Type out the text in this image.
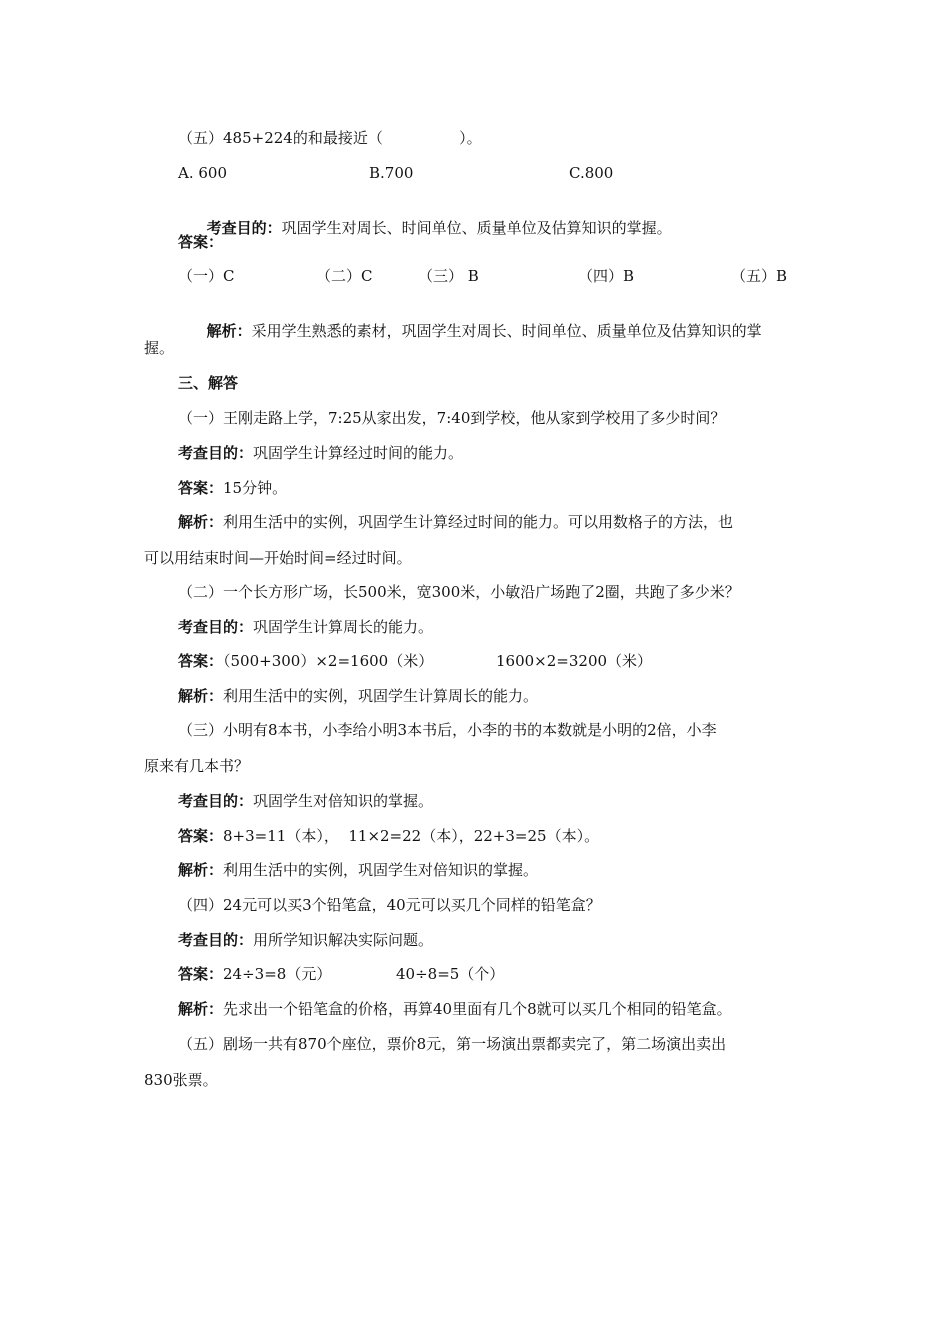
（五）485+224的和最接近（                ）。

A. 600

	B.700

	C.800

考查目的：巩固学生对周长、时间单位、质量单位及估算知识的掌握。

答案：

（一）C

	（二）C

	（三） B

	（四）B

	（五）B

解析：采用学生熟悉的素材，巩固学生对周长、时间单位、质量单位及估算知识的掌

握。

三、解答

（一）王刚走路上学，7:25从家出发，7:40到学校，他从家到学校用了多少时间？

考查目的：巩固学生计算经过时间的能力。

答案：15分钟。

解析：利用生活中的实例，巩固学生计算经过时间的能力。可以用数格子的方法，也

可以用结束时间—开始时间=经过时间。

（二）一个长方形广场，长500米，宽300米，小敏沿广场跑了2圈，共跑了多少米？

考查目的：巩固学生计算周长的能力。

答案：（500+300）×2=1600（米）

	1600×2=3200（米）

解析：利用生活中的实例，巩固学生计算周长的能力。

（三）小明有8本书，小李给小明3本书后，小李的书的本数就是小明的2倍，小李

原来有几本书？

考查目的：巩固学生对倍知识的掌握。

答案：8+3=11（本），  11×2=22（本），22+3=25（本）。

解析：利用生活中的实例，巩固学生对倍知识的掌握。

（四）24元可以买3个铅笔盒，40元可以买几个同样的铅笔盒？

考查目的：用所学知识解决实际问题。

答案：24÷3=8（元）

	40÷8=5（个）

解析：先求出一个铅笔盒的价格，再算40里面有几个8就可以买几个相同的铅笔盒。

（五）剧场一共有870个座位，票价8元，第一场演出票都卖完了，第二场演出卖出

830张票。
